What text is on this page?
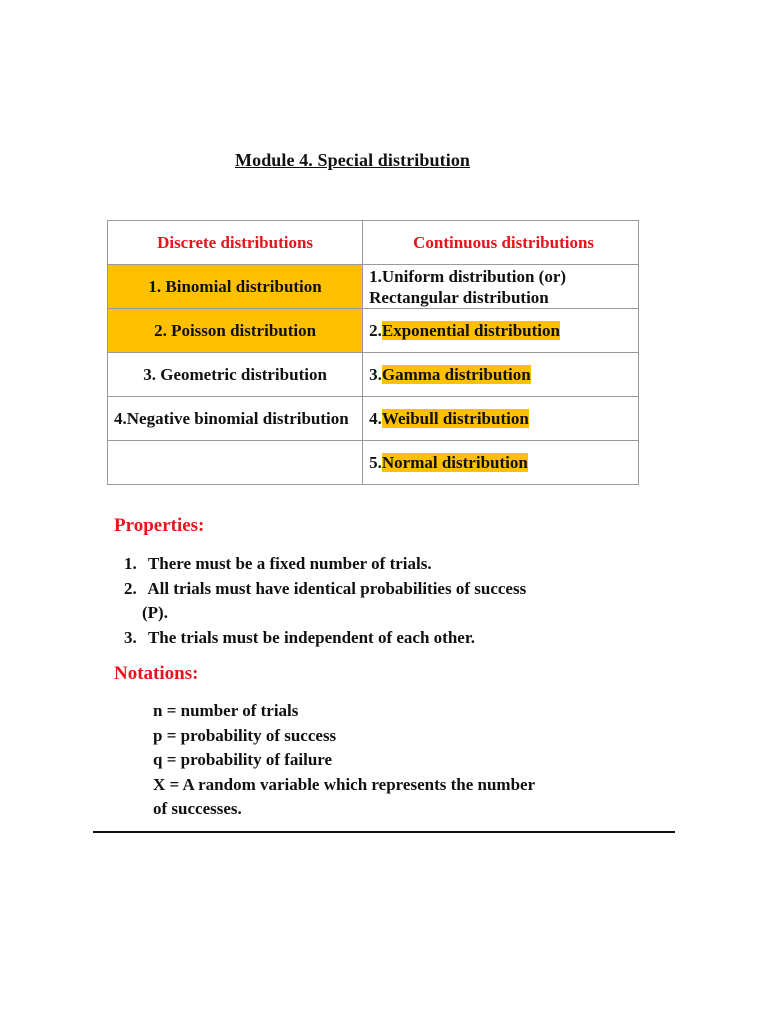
Module 4. Special distribution
Discrete distributions	Continuous distributions
1. Binomial distribution	1.Uniform distribution (or) Rectangular distribution
2. Poisson distribution	2.Exponential distribution
3. Geometric distribution	3.Gamma distribution
4.Negative binomial distribution	4.Weibull distribution
	5.Normal distribution
Properties:
1. There must be a fixed number of trials.
2. All trials must have identical probabilities of success
(P).
3. The trials must be independent of each other.
Notations:
n = number of trials
p = probability of success
q = probability of failure
X = A random variable which represents the number
of successes.
